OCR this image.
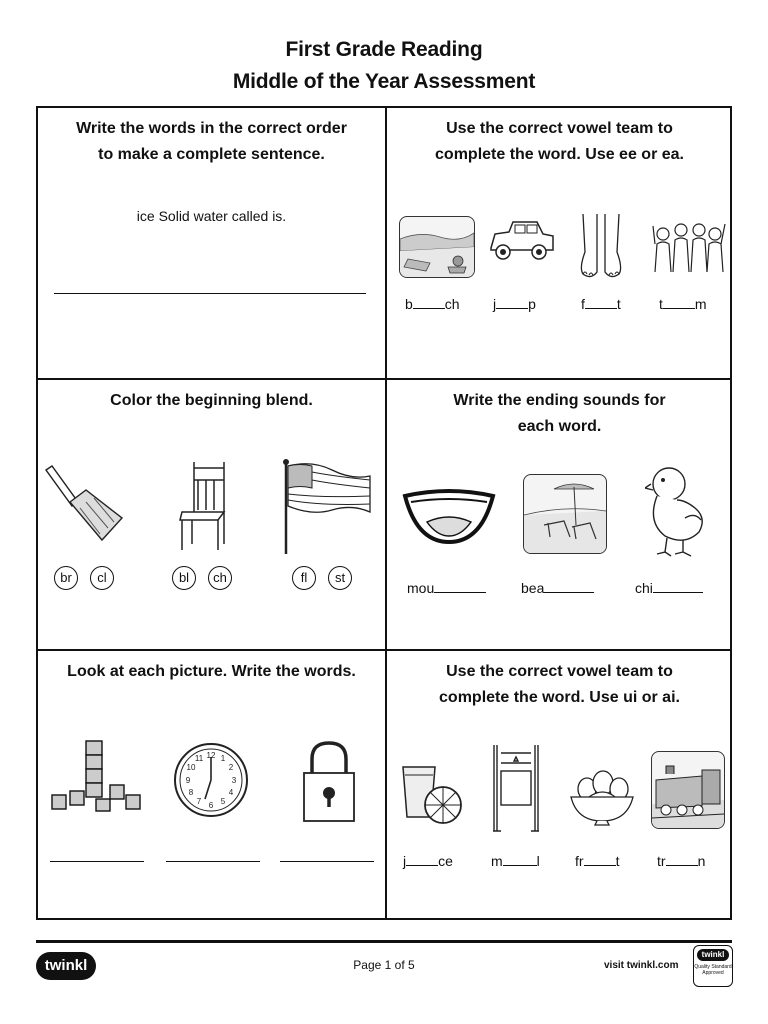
First Grade Reading
Middle of the Year Assessment
Write the words in the correct order
to make a complete sentence.
ice Solid water called is.
Use the correct vowel team to
complete the word. Use ee or ea.
b ch j p	f t	t m
Color the beginning blend.
br	cl	bl	ch	fl	st
Write the ending sounds for
each word.
mou	bea	chi
Look at each picture. Write the words.
12 1
2
3
4
5
6
7
8
9
10
11
Use the correct vowel team to
complete the word. Use ui or ai.
j ce	m l	fr t	tr n
twinkl	Page 1 of 5	visit twinkl.com
twinkl
Quality Standard Approved
